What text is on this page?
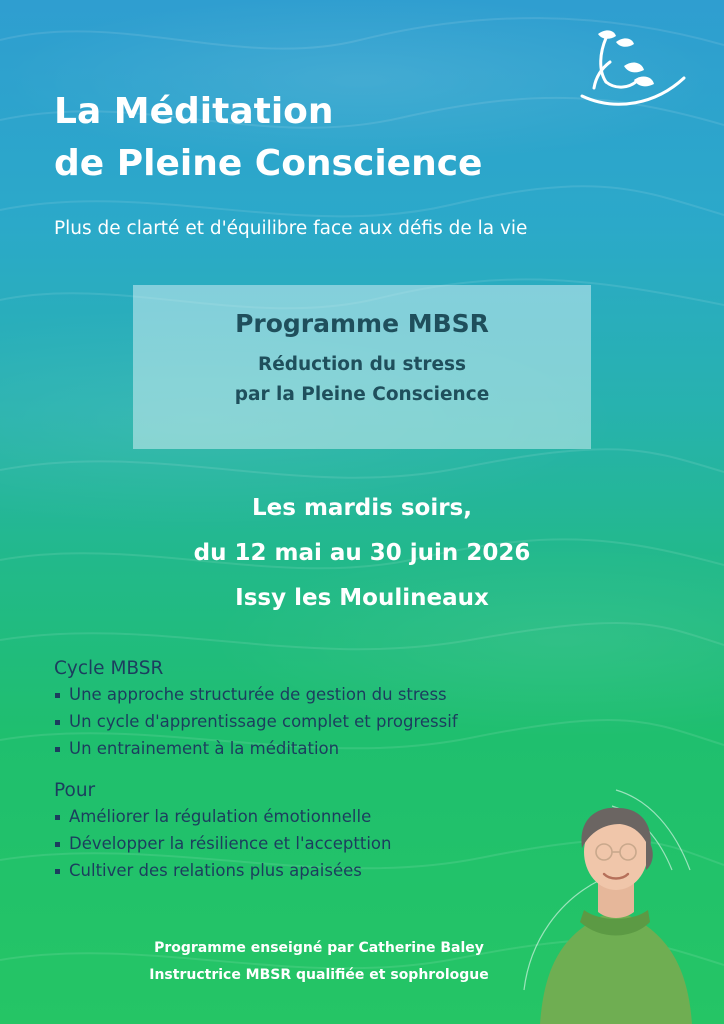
La Méditation
de Pleine Conscience
Plus de clarté et d'équilibre face aux défis de la vie
Programme MBSR
Réduction du stress
par la Pleine Conscience
Les mardis soirs,
du 12 mai au 30 juin 2026
Issy les Moulineaux
Cycle MBSR
Une approche structurée de gestion du stress
Un cycle d'apprentissage complet et progressif
Un entrainement à la méditation
Pour
Améliorer la régulation émotionnelle
Développer la résilience et l'accepttion
Cultiver des relations plus apaisées
Programme enseigné par Catherine Baley
Instructrice MBSR qualifiée et sophrologue
